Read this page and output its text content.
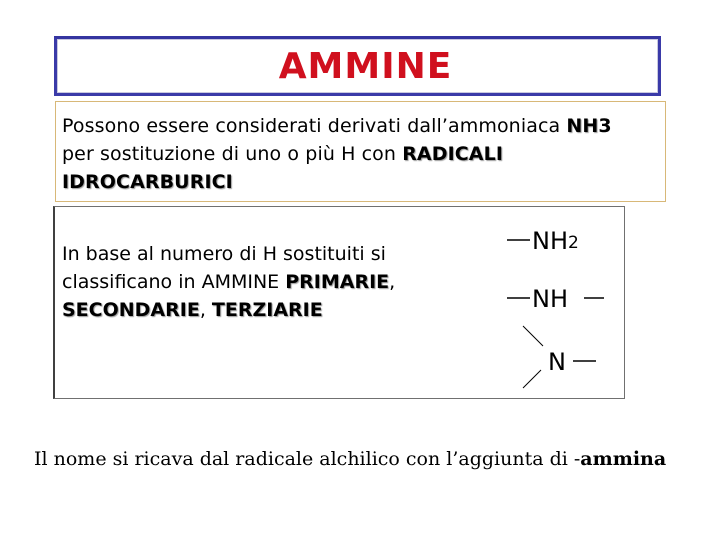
AMMINE
Possono essere considerati derivati dall’ammoniaca NH3
per sostituzione di uno o più H con RADICALI IDROCARBURICI
In base al numero di H sostituiti si
classificano in AMMINE PRIMARIE,
SECONDARIE, TERZIARIE
NH2
NH
N
Il nome si ricava dal radicale alchilico con l’aggiunta di -ammina
